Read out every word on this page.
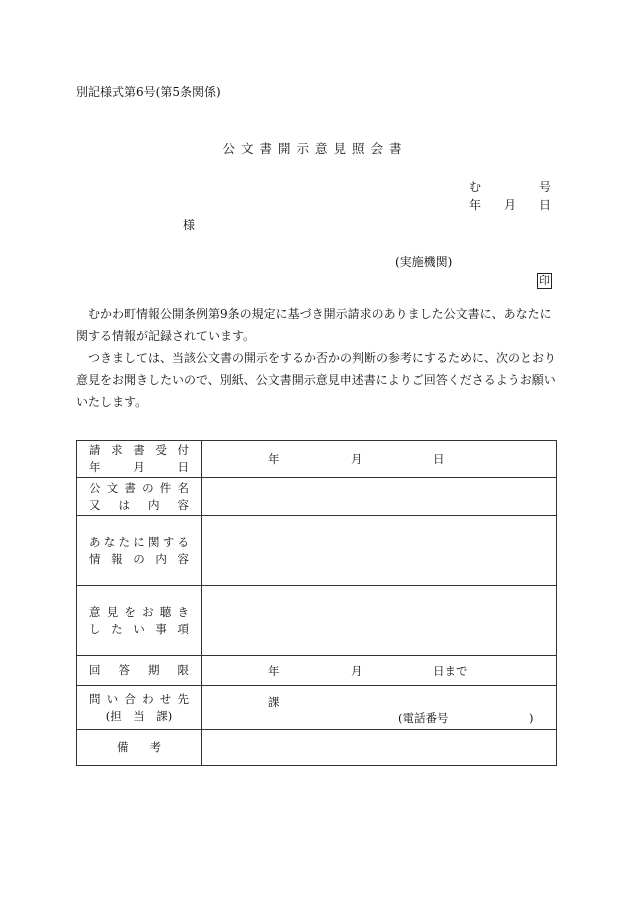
別記様式第6号(第5条関係)
公文書開示意見照会書
む	号
年 月 日
様
(実施機関)
印
　むかわ町情報公開条例第9条の規定に基づき開示請求のありました公文書に、あなたに関する情報が記録されています。
　つきましては、当該公文書の開示をするか否かの判断の参考にするために、次のとおり意見をお聞きしたいので、別紙、公文書開示意見申述書によりご回答くださるようお願いいたします。
請求書受付
年月日	年 月 日

公文書の件名
又は内容	

あなたに関する
情報の内容	

意見をお聴き
したい事項	

回答期限	年 月 日まで

問い合わせ先
(担　当　課)	課
(電話番号　　　　　　　)

備考	
